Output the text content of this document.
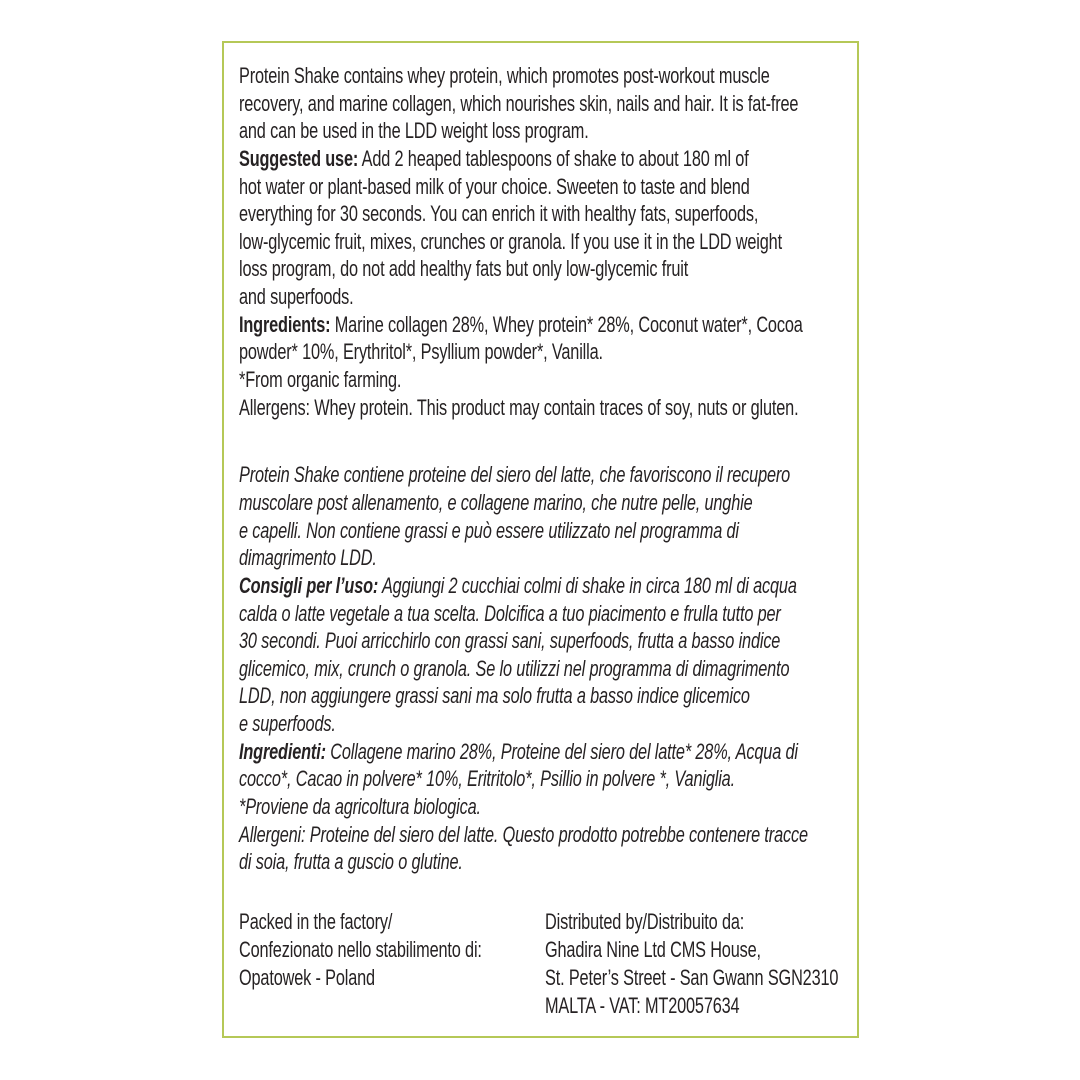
Protein Shake contains whey protein, which promotes post-workout muscle
recovery, and marine collagen, which nourishes skin, nails and hair. It is fat-free
and can be used in the LDD weight loss program.
Suggested use: Add 2 heaped tablespoons of shake to about 180 ml of
hot water or plant-based milk of your choice. Sweeten to taste and blend
everything for 30 seconds. You can enrich it with healthy fats, superfoods,
low-glycemic fruit, mixes, crunches or granola. If you use it in the LDD weight
loss program, do not add healthy fats but only low-glycemic fruit
and superfoods.
Ingredients: Marine collagen 28%, Whey protein* 28%, Coconut water*, Cocoa
powder* 10%, Erythritol*, Psyllium powder*, Vanilla.
*From organic farming.
Allergens: Whey protein. This product may contain traces of soy, nuts or gluten.
Protein Shake contiene proteine del siero del latte, che favoriscono il recupero
muscolare post allenamento, e collagene marino, che nutre pelle, unghie
e capelli. Non contiene grassi e può essere utilizzato nel programma di
dimagrimento LDD.
Consigli per l’uso: Aggiungi 2 cucchiai colmi di shake in circa 180 ml di acqua
calda o latte vegetale a tua scelta. Dolcifica a tuo piacimento e frulla tutto per
30 secondi. Puoi arricchirlo con grassi sani, superfoods, frutta a basso indice
glicemico, mix, crunch o granola. Se lo utilizzi nel programma di dimagrimento
LDD, non aggiungere grassi sani ma solo frutta a basso indice glicemico
e superfoods.
Ingredienti: Collagene marino 28%, Proteine del siero del latte* 28%, Acqua di
cocco*, Cacao in polvere* 10%, Eritritolo*, Psillio in polvere *, Vaniglia.
*Proviene da agricoltura biologica.
Allergeni: Proteine del siero del latte. Questo prodotto potrebbe contenere tracce
di soia, frutta a guscio o glutine.
Packed in the factory/
Confezionato nello stabilimento di:
Opatowek - Poland
Distributed by/Distribuito da:
Ghadira Nine Ltd CMS House,
St. Peter’s Street - San Gwann SGN2310
MALTA - VAT: MT20057634
